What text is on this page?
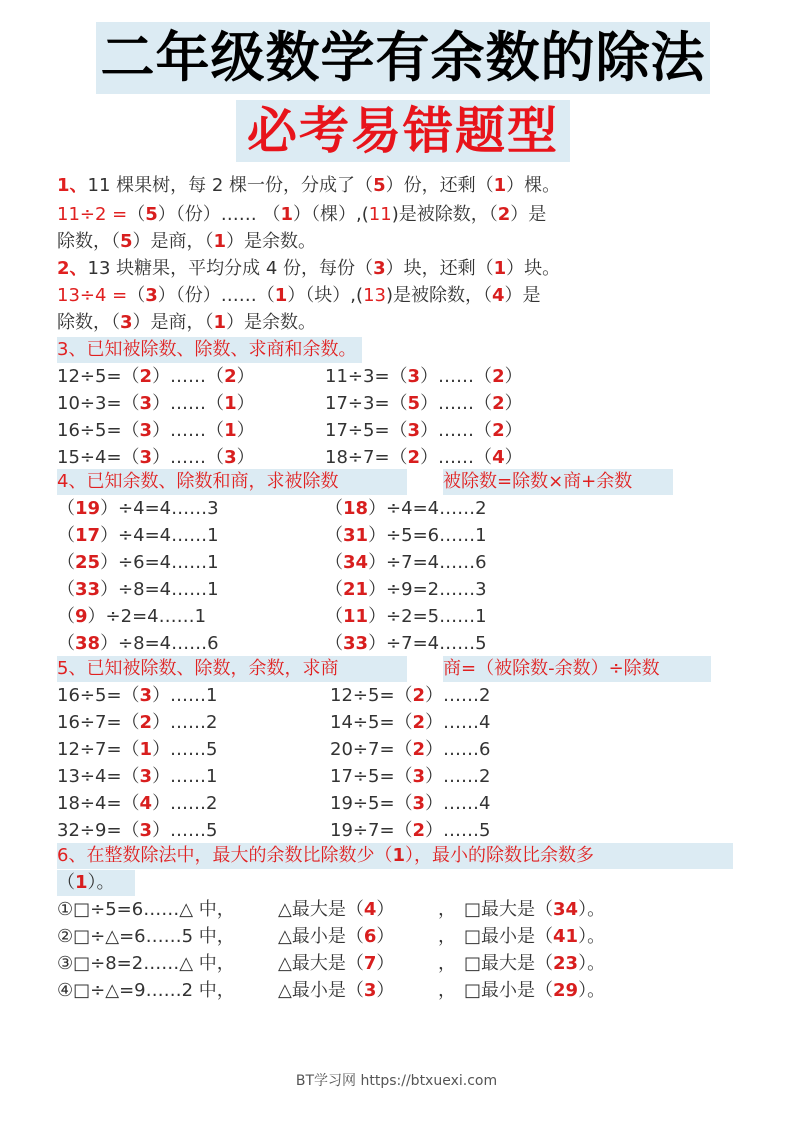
二年级数学有余数的除法
必考易错题型
1、11 棵果树，每 2 棵一份，分成了（5）份，还剩（1）棵。
11÷2 =（5）（份）…… （1）（棵）,(11)是被除数，（2）是
除数，（5）是商，（1）是余数。
2、13 块糖果，平均分成 4 份，每份（3）块，还剩（1）块。
13÷4 =（3）（份）……（1）（块）,(13)是被除数，（4）是
除数，（3）是商，（1）是余数。
3、已知被除数、除数、求商和余数。
12÷5=（2）……（2）
10÷3=（3）……（1）
16÷5=（3）……（1）
15÷4=（3）……（3）
11÷3=（3）……（2）
17÷3=（5）……（2）
17÷5=（3）……（2）
18÷7=（2）……（4）
4、已知余数、除数和商，求被除数	被除数=除数×商+余数
（19）÷4=4……3
（17）÷4=4……1
（25）÷6=4……1
（33）÷8=4……1
（9）÷2=4……1
（38）÷8=4……6
（18）÷4=4……2
（31）÷5=6……1
（34）÷7=4……6
（21）÷9=2……3
（11）÷2=5……1
（33）÷7=4……5
5、已知被除数、除数，余数，求商	商=（被除数-余数）÷除数
16÷5=（3）……1
16÷7=（2）……2
12÷7=（1）……5
13÷4=（3）……1
18÷4=（4）……2
32÷9=（3）……5
12÷5=（2）……2
14÷5=（2）……4
20÷7=（2）……6
17÷5=（3）……2
19÷5=（3）……4
19÷7=（2）……5
6、在整数除法中，最大的余数比除数少（1），最小的除数比余数多
（1）。
①□÷5=6……△ 中， △最大是（4） ， □最大是（34）。
②□÷△=6……5 中， △最小是（6） ， □最小是（41）。
③□÷8=2……△ 中， △最大是（7） ， □最大是（23）。
④□÷△=9……2 中， △最小是（3） ， □最小是（29）。
BT学习网 https://btxuexi.com
